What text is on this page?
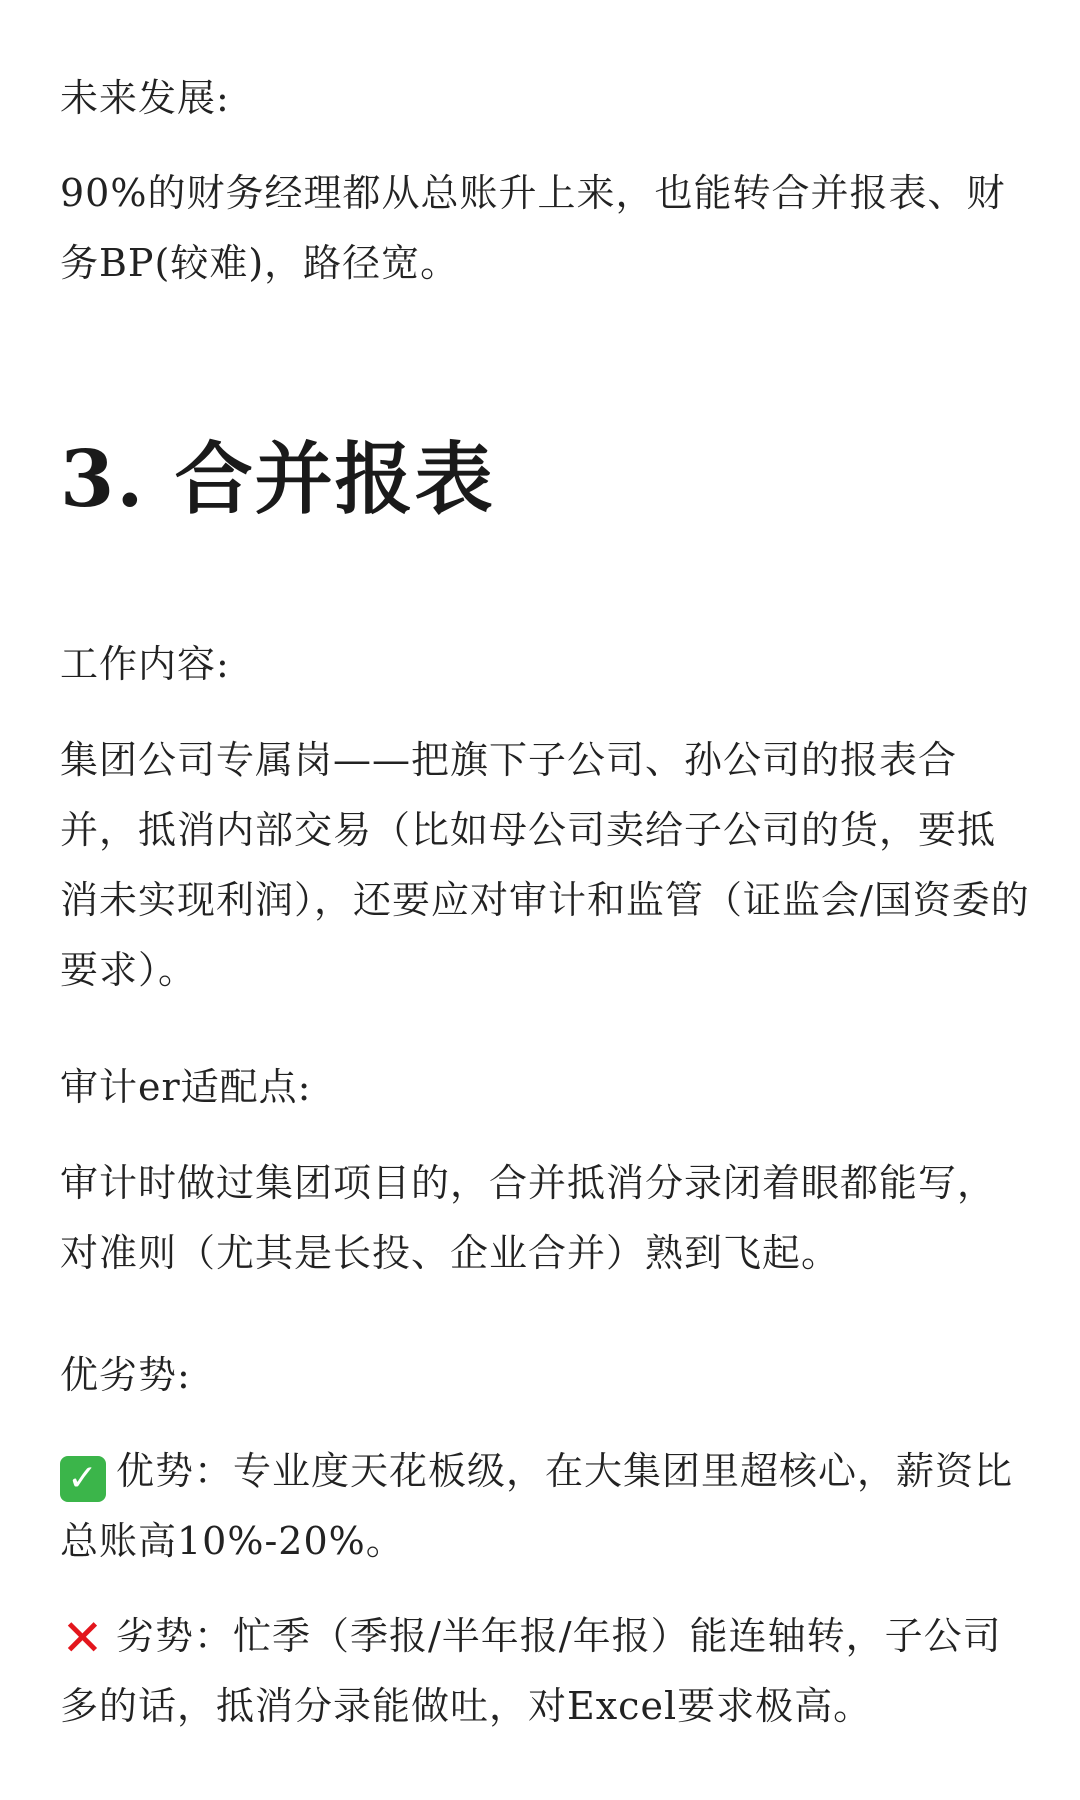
未来发展:

90%的财务经理都从总账升上来，也能转合并报表、财务BP(较难)，路径宽。

3. 合并报表

工作内容:

集团公司专属岗——把旗下子公司、孙公司的报表合并，抵消内部交易（比如母公司卖给子公司的货，要抵消未实现利润），还要应对审计和监管（证监会/国资委的要求）。

审计er适配点:

审计时做过集团项目的，合并抵消分录闭着眼都能写，对准则（尤其是长投、企业合并）熟到飞起。

优劣势:

✓ 优势：专业度天花板级，在大集团里超核心，薪资比总账高10%-20%。
✕ 劣势：忙季（季报/半年报/年报）能连轴转，子公司多的话，抵消分录能做吐，对Excel要求极高。
